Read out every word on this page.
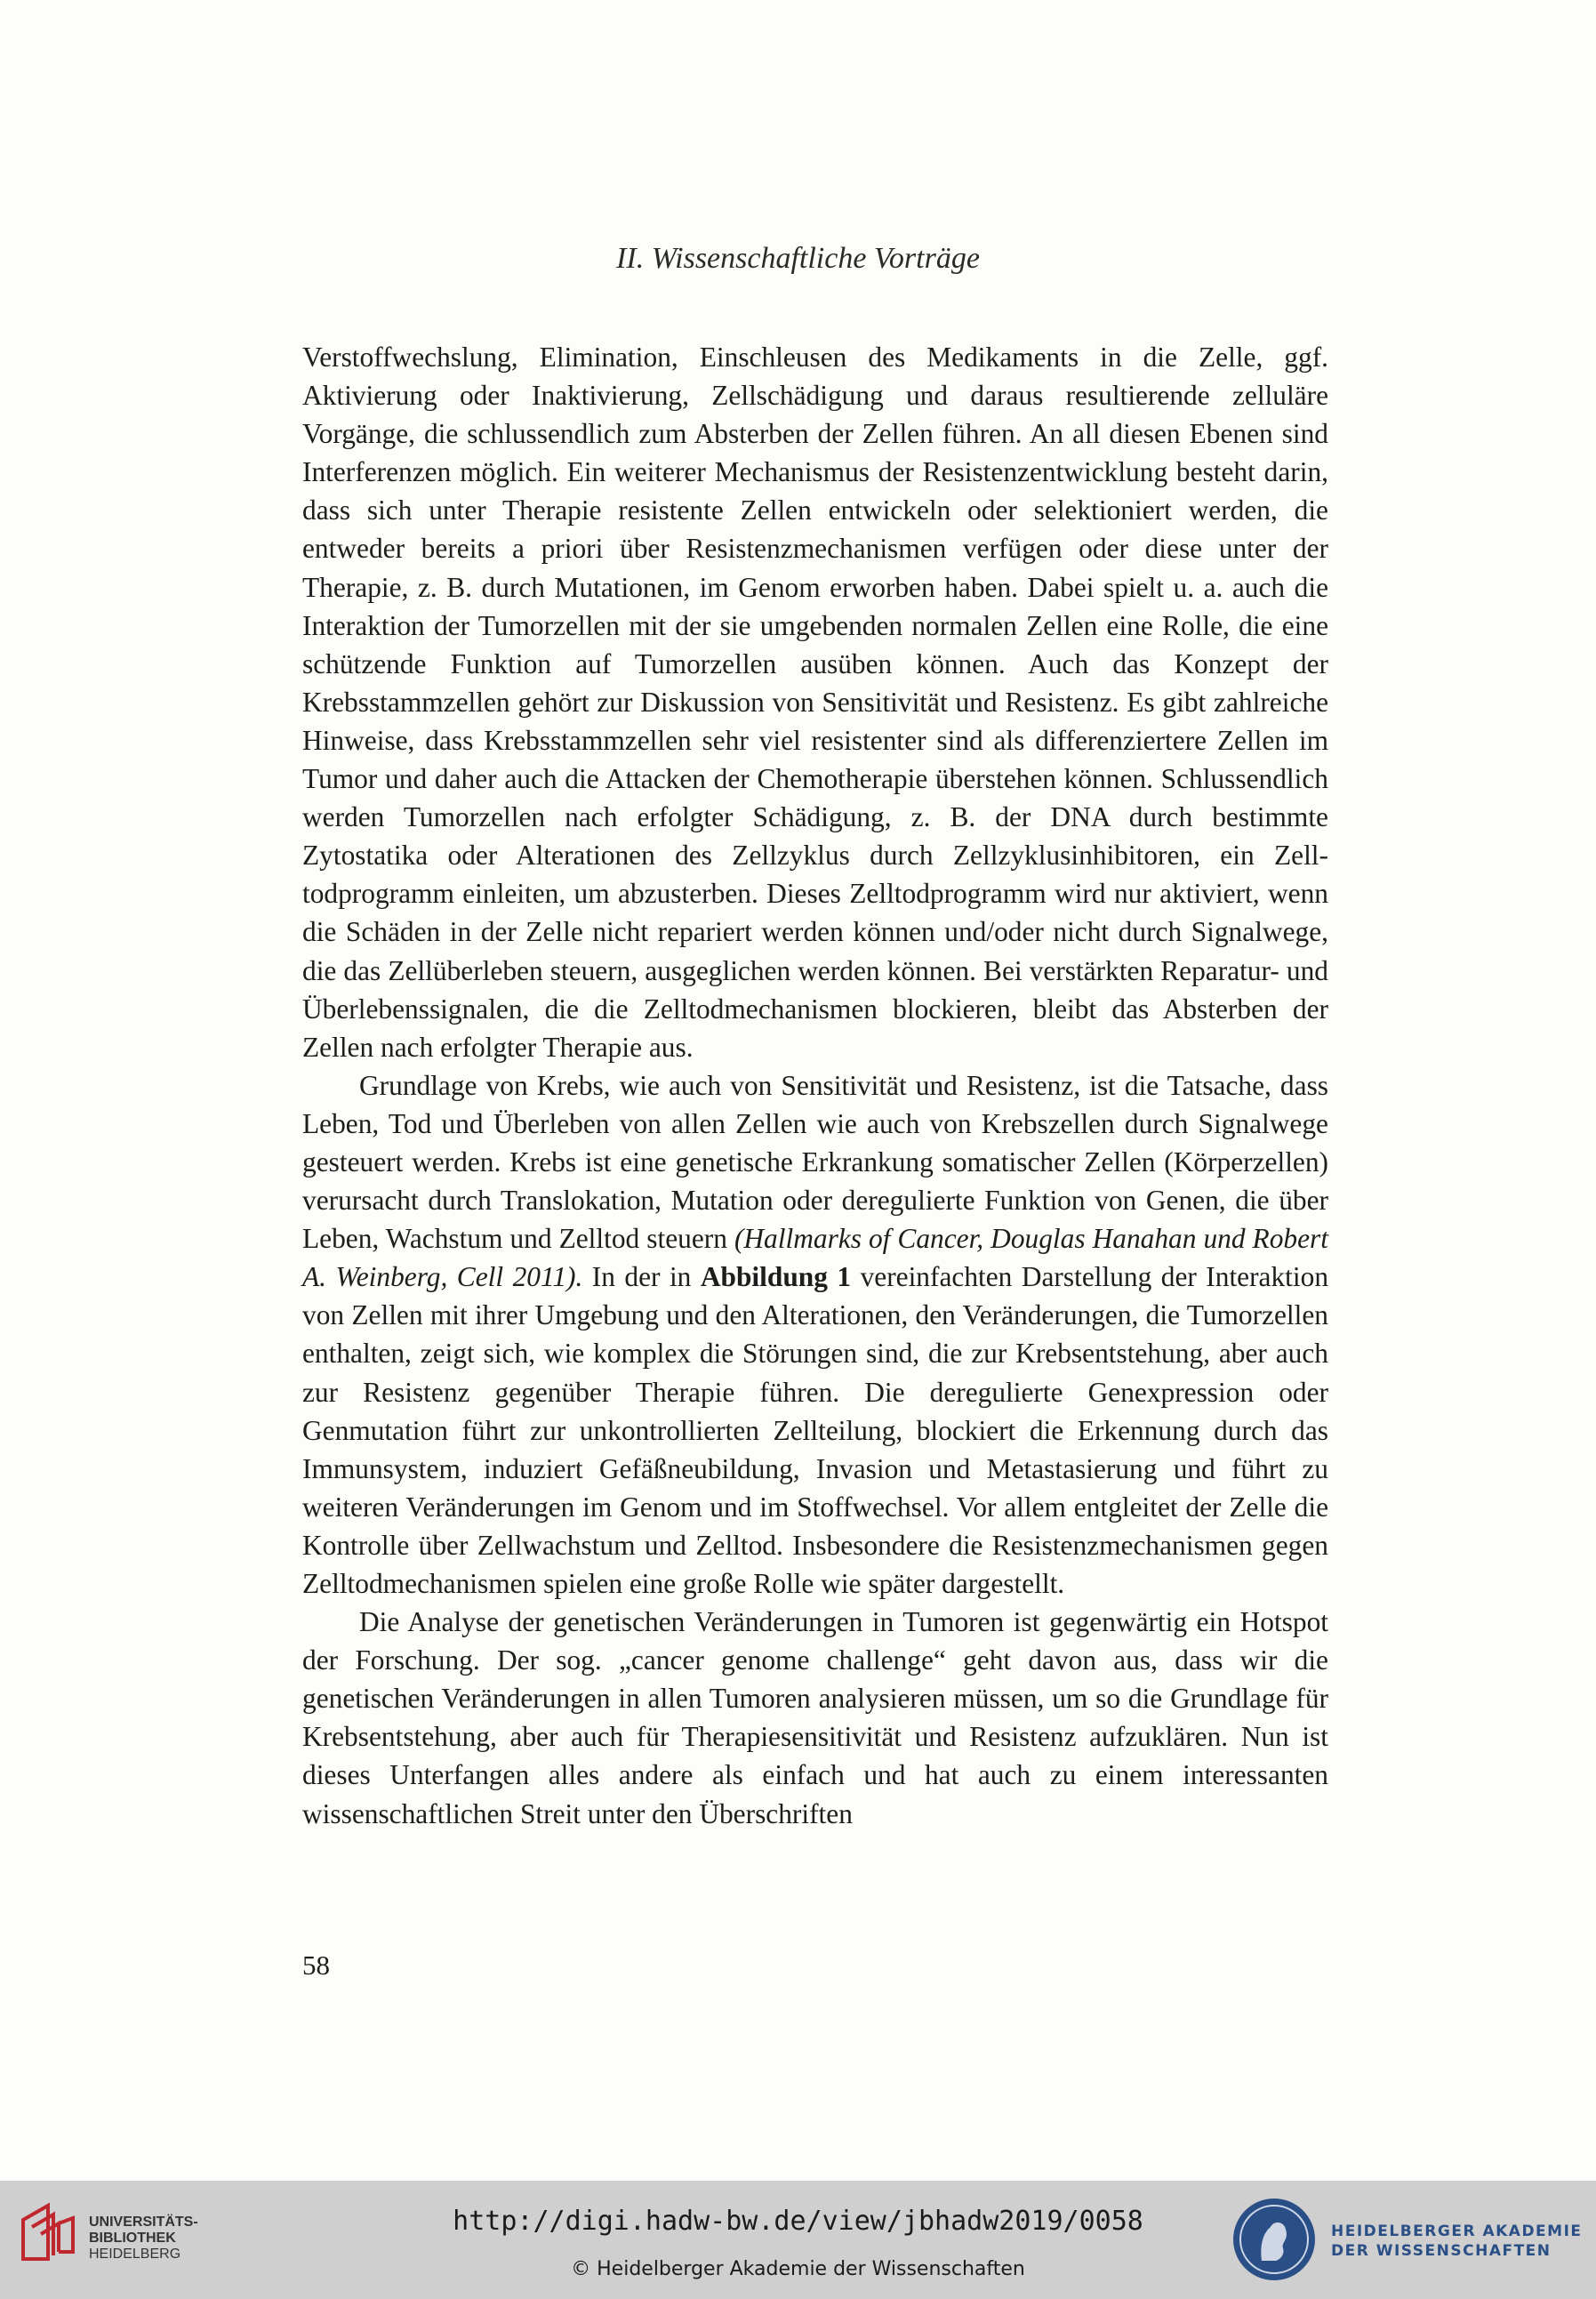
II. Wissenschaftliche Vorträge

Verstoffwechslung, Elimination, Einschleusen des Medikaments in die Zelle, ggf. Aktivierung oder Inaktivierung, Zellschädigung und daraus resultierende zelluläre Vorgänge, die schlussendlich zum Absterben der Zellen führen. An all diesen Ebenen sind Interferenzen möglich. Ein weiterer Mechanismus der Resistenzentwicklung besteht darin, dass sich unter Therapie resistente Zellen entwickeln oder selektioniert werden, die entweder bereits a priori über Resistenzmechanismen verfügen oder diese unter der Therapie, z. B. durch Mutationen, im Genom erworben haben. Dabei spielt u. a. auch die Interaktion der Tumorzellen mit der sie umgebenden normalen Zellen eine Rolle, die eine schützende Funktion auf Tumorzellen ausüben können. Auch das Konzept der Krebsstammzellen gehört zur Diskussion von Sensitivität und Resistenz. Es gibt zahlreiche Hinweise, dass Krebsstammzellen sehr viel resistenter sind als differenziertere Zellen im Tumor und daher auch die Attacken der Chemotherapie überstehen können. Schlussendlich werden Tumorzellen nach erfolgter Schädigung, z. B. der DNA durch bestimmte Zytostatika oder Alterationen des Zellzyklus durch Zellzyklusinhibitoren, ein Zelltodprogramm einleiten, um abzusterben. Dieses Zelltodprogramm wird nur aktiviert, wenn die Schäden in der Zelle nicht repariert werden können und/oder nicht durch Signalwege, die das Zellüberleben steuern, ausgeglichen werden können. Bei verstärkten Reparatur- und Überlebenssignalen, die die Zelltodmechanismen blockieren, bleibt das Absterben der Zellen nach erfolgter Therapie aus.

Grundlage von Krebs, wie auch von Sensitivität und Resistenz, ist die Tatsache, dass Leben, Tod und Überleben von allen Zellen wie auch von Krebszellen durch Signalwege gesteuert werden. Krebs ist eine genetische Erkrankung somatischer Zellen (Körperzellen) verursacht durch Translokation, Mutation oder deregulierte Funktion von Genen, die über Leben, Wachstum und Zelltod steuern (Hallmarks of Cancer, Douglas Hanahan und Robert A. Weinberg, Cell 2011). In der in Abbildung 1 vereinfachten Darstellung der Interaktion von Zellen mit ihrer Umgebung und den Alterationen, den Veränderungen, die Tumorzellen enthalten, zeigt sich, wie komplex die Störungen sind, die zur Krebsentstehung, aber auch zur Resistenz gegenüber Therapie führen. Die deregulierte Genexpression oder Genmutation führt zur unkontrollierten Zellteilung, blockiert die Erkennung durch das Immunsystem, induziert Gefäßneubildung, Invasion und Metastasierung und führt zu weiteren Veränderungen im Genom und im Stoffwechsel. Vor allem entgleitet der Zelle die Kontrolle über Zellwachstum und Zelltod. Insbesondere die Resistenzmechanismen gegen Zelltodmechanismen spielen eine große Rolle wie später dargestellt.

Die Analyse der genetischen Veränderungen in Tumoren ist gegenwärtig ein Hotspot der Forschung. Der sog. „cancer genome challenge“ geht davon aus, dass wir die genetischen Veränderungen in allen Tumoren analysieren müssen, um so die Grundlage für Krebsentstehung, aber auch für Therapiesensitivität und Resistenz aufzuklären. Nun ist dieses Unterfangen alles andere als einfach und hat auch zu einem interessanten wissenschaftlichen Streit unter den Überschriften

58
UNIVERSITÄTS-
BIBLIOTHEK
HEIDELBERG
http://digi.hadw-bw.de/view/jbhadw2019/0058
© Heidelberger Akademie der Wissenschaften
HEIDELBERGER AKADEMIE
DER WISSENSCHAFTEN
